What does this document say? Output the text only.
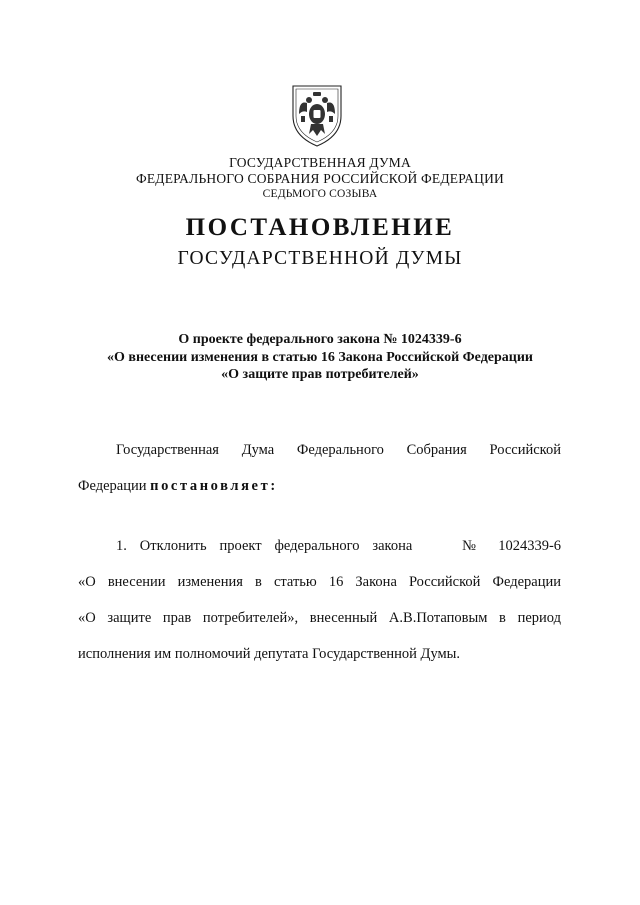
ГОСУДАРСТВЕННАЯ ДУМА
ФЕДЕРАЛЬНОГО СОБРАНИЯ РОССИЙСКОЙ ФЕДЕРАЦИИ
СЕДЬМОГО СОЗЫВА
ПОСТАНОВЛЕНИЕ
ГОСУДАРСТВЕННОЙ ДУМЫ
О проекте федерального закона № 1024339-6
«О внесении изменения в статью 16 Закона Российской Федерации
«О защите прав потребителей»
Государственная Дума Федерального Собрания Российской
Федерации постановляет:
1. Отклонить проект федерального закона	№ 1024339-6
«О внесении изменения в статью 16 Закона Российской Федерации
«О защите прав потребителей», внесенный А.В.Потаповым в период
исполнения им полномочий депутата Государственной Думы.
